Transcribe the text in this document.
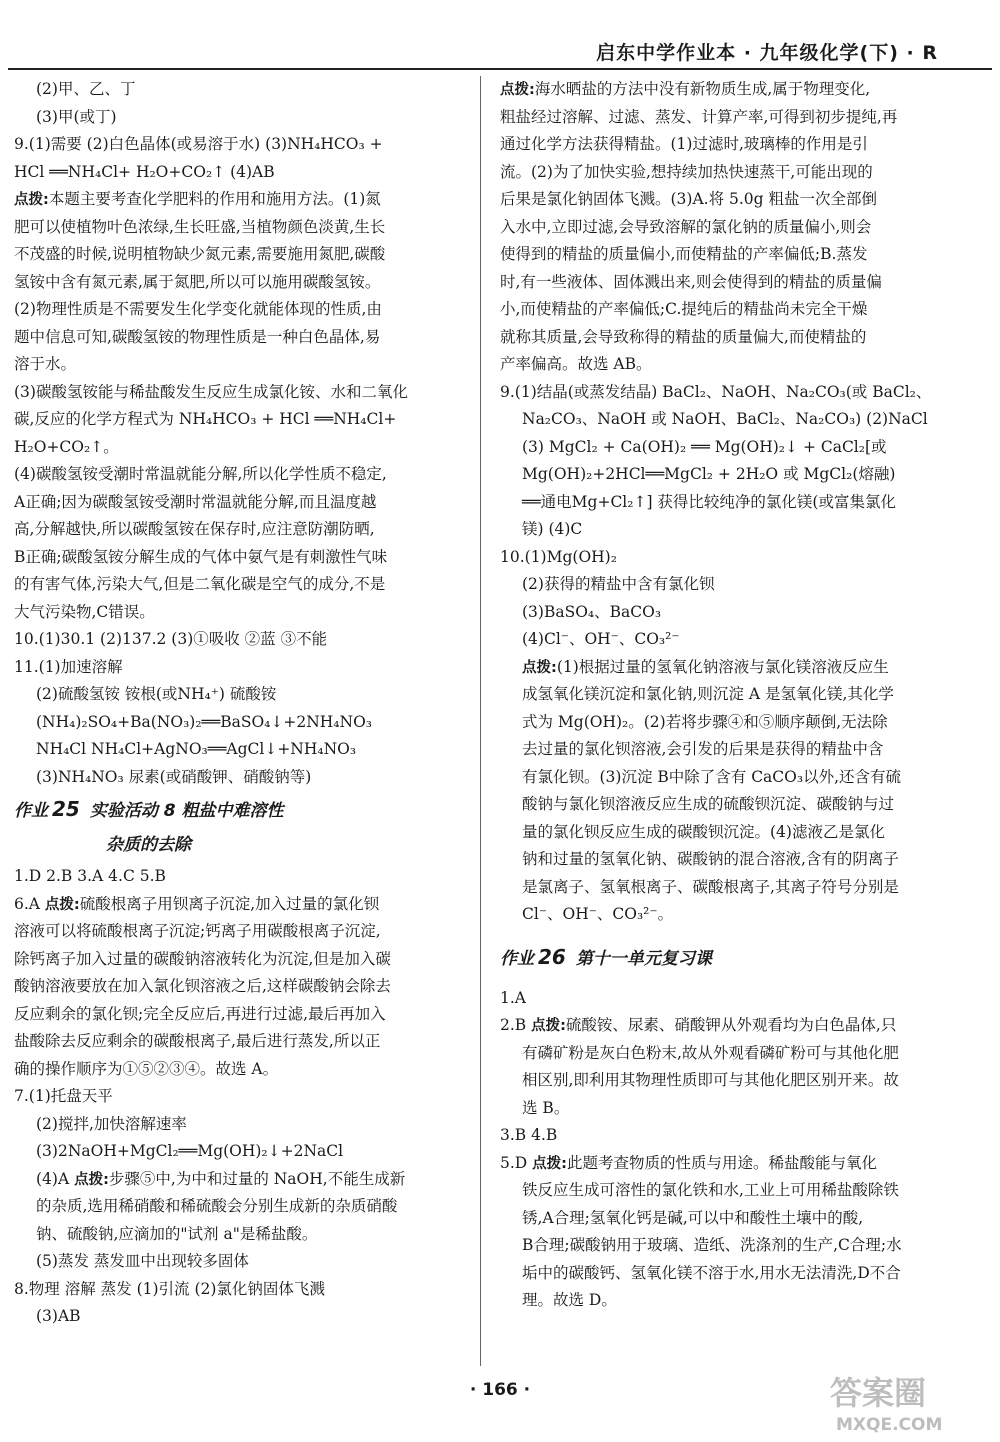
启东中学作业本 · 九年级化学(下) · R
(2)甲、乙、丁
(3)甲(或丁)
9.(1)需要 (2)白色晶体(或易溶于水) (3)NH₄HCO₃ +
HCl ══NH₄Cl+ H₂O+CO₂↑ (4)AB
点拨:本题主要考查化学肥料的作用和施用方法。(1)氮
肥可以使植物叶色浓绿,生长旺盛,当植物颜色淡黄,生长
不茂盛的时候,说明植物缺少氮元素,需要施用氮肥,碳酸
氢铵中含有氮元素,属于氮肥,所以可以施用碳酸氢铵。
(2)物理性质是不需要发生化学变化就能体现的性质,由
题中信息可知,碳酸氢铵的物理性质是一种白色晶体,易
溶于水。
(3)碳酸氢铵能与稀盐酸发生反应生成氯化铵、水和二氧化
碳,反应的化学方程式为 NH₄HCO₃ + HCl ══NH₄Cl+
H₂O+CO₂↑。
(4)碳酸氢铵受潮时常温就能分解,所以化学性质不稳定,
A正确;因为碳酸氢铵受潮时常温就能分解,而且温度越
高,分解越快,所以碳酸氢铵在保存时,应注意防潮防晒,
B正确;碳酸氢铵分解生成的气体中氨气是有刺激性气味
的有害气体,污染大气,但是二氧化碳是空气的成分,不是
大气污染物,C错误。
10.(1)30.1 (2)137.2 (3)①吸收 ②蓝 ③不能
11.(1)加速溶解
(2)硫酸氢铵 铵根(或NH₄⁺) 硫酸铵
(NH₄)₂SO₄+Ba(NO₃)₂══BaSO₄↓+2NH₄NO₃
NH₄Cl NH₄Cl+AgNO₃══AgCl↓+NH₄NO₃
(3)NH₄NO₃ 尿素(或硝酸钾、硝酸钠等)
作业 25 实验活动 8 粗盐中难溶性
杂质的去除
1.D 2.B 3.A 4.C 5.B
6.A 点拨:硫酸根离子用钡离子沉淀,加入过量的氯化钡
溶液可以将硫酸根离子沉淀;钙离子用碳酸根离子沉淀,
除钙离子加入过量的碳酸钠溶液转化为沉淀,但是加入碳
酸钠溶液要放在加入氯化钡溶液之后,这样碳酸钠会除去
反应剩余的氯化钡;完全反应后,再进行过滤,最后再加入
盐酸除去反应剩余的碳酸根离子,最后进行蒸发,所以正
确的操作顺序为①⑤②③④。故选 A。
7.(1)托盘天平
(2)搅拌,加快溶解速率
(3)2NaOH+MgCl₂══Mg(OH)₂↓+2NaCl
(4)A 点拨:步骤⑤中,为中和过量的 NaOH,不能生成新
的杂质,选用稀硝酸和稀硫酸会分别生成新的杂质硝酸
钠、硫酸钠,应滴加的"试剂 a"是稀盐酸。
(5)蒸发 蒸发皿中出现较多固体
8.物理 溶解 蒸发 (1)引流 (2)氯化钠固体飞溅
(3)AB
点拨:海水晒盐的方法中没有新物质生成,属于物理变化,
粗盐经过溶解、过滤、蒸发、计算产率,可得到初步提纯,再
通过化学方法获得精盐。(1)过滤时,玻璃棒的作用是引
流。(2)为了加快实验,想持续加热快速蒸干,可能出现的
后果是氯化钠固体飞溅。(3)A.将 5.0g 粗盐一次全部倒
入水中,立即过滤,会导致溶解的氯化钠的质量偏小,则会
使得到的精盐的质量偏小,而使精盐的产率偏低;B.蒸发
时,有一些液体、固体溅出来,则会使得到的精盐的质量偏
小,而使精盐的产率偏低;C.提纯后的精盐尚未完全干燥
就称其质量,会导致称得的精盐的质量偏大,而使精盐的
产率偏高。故选 AB。
9.(1)结晶(或蒸发结晶) BaCl₂、NaOH、Na₂CO₃(或 BaCl₂、
Na₂CO₃、NaOH 或 NaOH、BaCl₂、Na₂CO₃) (2)NaCl
(3) MgCl₂ + Ca(OH)₂ ══ Mg(OH)₂↓ + CaCl₂[或
Mg(OH)₂+2HCl══MgCl₂ + 2H₂O 或 MgCl₂(熔融)
══通电Mg+Cl₂↑] 获得比较纯净的氯化镁(或富集氯化
镁) (4)C
10.(1)Mg(OH)₂
(2)获得的精盐中含有氯化钡
(3)BaSO₄、BaCO₃
(4)Cl⁻、OH⁻、CO₃²⁻
点拨:(1)根据过量的氢氧化钠溶液与氯化镁溶液反应生
成氢氧化镁沉淀和氯化钠,则沉淀 A 是氢氧化镁,其化学
式为 Mg(OH)₂。(2)若将步骤④和⑤顺序颠倒,无法除
去过量的氯化钡溶液,会引发的后果是获得的精盐中含
有氯化钡。(3)沉淀 B中除了含有 CaCO₃以外,还含有硫
酸钠与氯化钡溶液反应生成的硫酸钡沉淀、碳酸钠与过
量的氯化钡反应生成的碳酸钡沉淀。(4)滤液乙是氯化
钠和过量的氢氧化钠、碳酸钠的混合溶液,含有的阴离子
是氯离子、氢氧根离子、碳酸根离子,其离子符号分别是
Cl⁻、OH⁻、CO₃²⁻。
作业 26 第十一单元复习课
1.A
2.B 点拨:硫酸铵、尿素、硝酸钾从外观看均为白色晶体,只
有磷矿粉是灰白色粉末,故从外观看磷矿粉可与其他化肥
相区别,即利用其物理性质即可与其他化肥区别开来。故
选 B。
3.B 4.B
5.D 点拨:此题考查物质的性质与用途。稀盐酸能与氧化
铁反应生成可溶性的氯化铁和水,工业上可用稀盐酸除铁
锈,A合理;氢氧化钙是碱,可以中和酸性土壤中的酸,
B合理;碳酸钠用于玻璃、造纸、洗涤剂的生产,C合理;水
垢中的碳酸钙、氢氧化镁不溶于水,用水无法清洗,D不合
理。故选 D。
· 166 ·	答案圈
MXQE.COM
